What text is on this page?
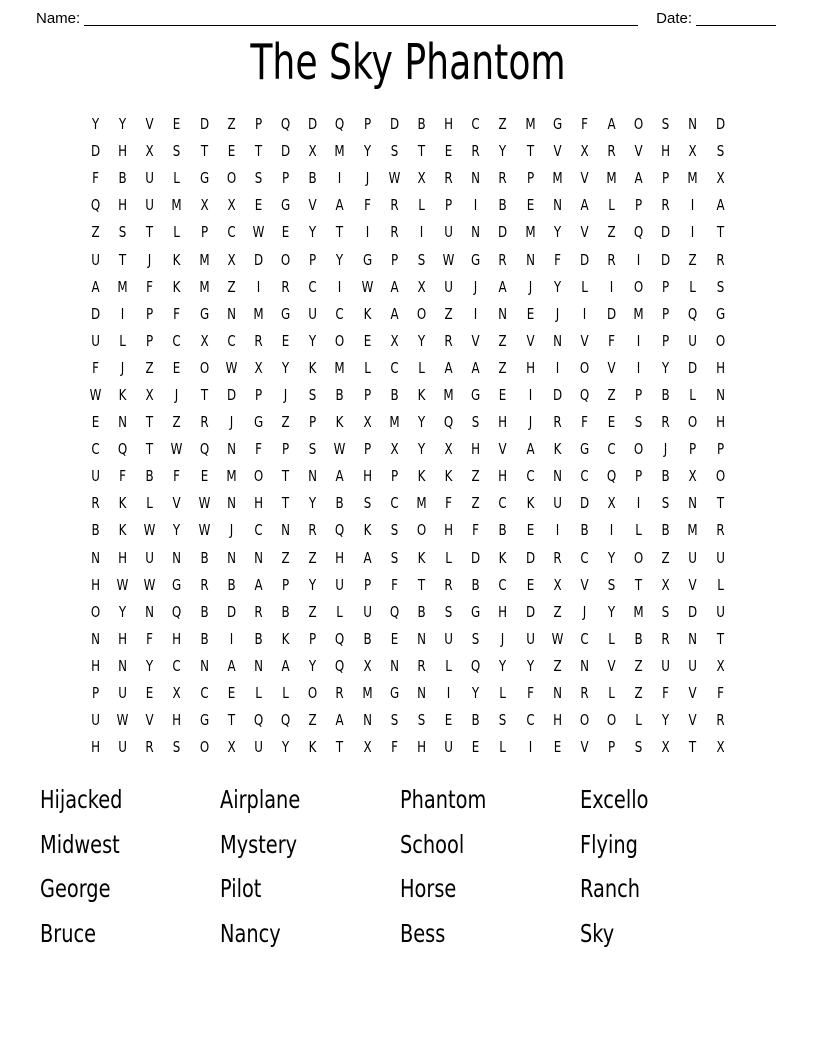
Name:	Date:
The Sky Phantom
Y	Y	V	E	D	Z	P	Q	D	Q	P	D	B	H	C	Z	M	G	F	A	O	S	N	D
D	H	X	S	T	E	T	D	X	M	Y	S	T	E	R	Y	T	V	X	R	V	H	X	S
F	B	U	L	G	O	S	P	B	I	J	W	X	R	N	R	P	M	V	M	A	P	M	X
Q	H	U	M	X	X	E	G	V	A	F	R	L	P	I	B	E	N	A	L	P	R	I	A
Z	S	T	L	P	C	W	E	Y	T	I	R	I	U	N	D	M	Y	V	Z	Q	D	I	T
U	T	J	K	M	X	D	O	P	Y	G	P	S	W	G	R	N	F	D	R	I	D	Z	R
A	M	F	K	M	Z	I	R	C	I	W	A	X	U	J	A	J	Y	L	I	O	P	L	S
D	I	P	F	G	N	M	G	U	C	K	A	O	Z	I	N	E	J	I	D	M	P	Q	G
U	L	P	C	X	C	R	E	Y	O	E	X	Y	R	V	Z	V	N	V	F	I	P	U	O
F	J	Z	E	O	W	X	Y	K	M	L	C	L	A	A	Z	H	I	O	V	I	Y	D	H
W	K	X	J	T	D	P	J	S	B	P	B	K	M	G	E	I	D	Q	Z	P	B	L	N
E	N	T	Z	R	J	G	Z	P	K	X	M	Y	Q	S	H	J	R	F	E	S	R	O	H
C	Q	T	W	Q	N	F	P	S	W	P	X	Y	X	H	V	A	K	G	C	O	J	P	P
U	F	B	F	E	M	O	T	N	A	H	P	K	K	Z	H	C	N	C	Q	P	B	X	O
R	K	L	V	W	N	H	T	Y	B	S	C	M	F	Z	C	K	U	D	X	I	S	N	T
B	K	W	Y	W	J	C	N	R	Q	K	S	O	H	F	B	E	I	B	I	L	B	M	R
N	H	U	N	B	N	N	Z	Z	H	A	S	K	L	D	K	D	R	C	Y	O	Z	U	U
H	W	W	G	R	B	A	P	Y	U	P	F	T	R	B	C	E	X	V	S	T	X	V	L
O	Y	N	Q	B	D	R	B	Z	L	U	Q	B	S	G	H	D	Z	J	Y	M	S	D	U
N	H	F	H	B	I	B	K	P	Q	B	E	N	U	S	J	U	W	C	L	B	R	N	T
H	N	Y	C	N	A	N	A	Y	Q	X	N	R	L	Q	Y	Y	Z	N	V	Z	U	U	X
P	U	E	X	C	E	L	L	O	R	M	G	N	I	Y	L	F	N	R	L	Z	F	V	F
U	W	V	H	G	T	Q	Q	Z	A	N	S	S	E	B	S	C	H	O	O	L	Y	V	R
H	U	R	S	O	X	U	Y	K	T	X	F	H	U	E	L	I	E	V	P	S	X	T	X
Hijacked	Airplane	Phantom	Excello
Midwest	Mystery	School	Flying
George	Pilot	Horse	Ranch
Bruce	Nancy	Bess	Sky
